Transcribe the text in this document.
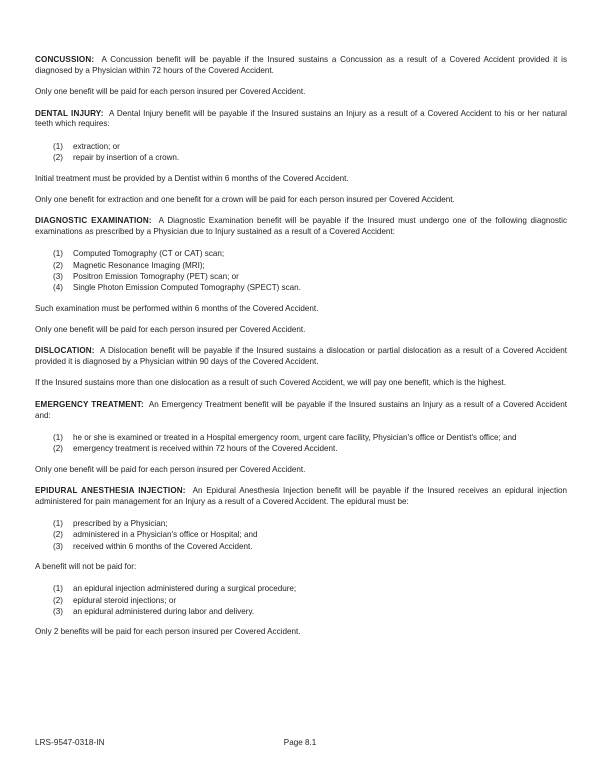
CONCUSSION: A Concussion benefit will be payable if the Insured sustains a Concussion as a result of a Covered Accident provided it is diagnosed by a Physician within 72 hours of the Covered Accident.

Only one benefit will be paid for each person insured per Covered Accident.

DENTAL INJURY: A Dental Injury benefit will be payable if the Insured sustains an Injury as a result of a Covered Accident to his or her natural teeth which requires:

(1)	extraction; or
(2)	repair by insertion of a crown.

Initial treatment must be provided by a Dentist within 6 months of the Covered Accident.

Only one benefit for extraction and one benefit for a crown will be paid for each person insured per Covered Accident.

DIAGNOSTIC EXAMINATION: A Diagnostic Examination benefit will be payable if the Insured must undergo one of the following diagnostic examinations as prescribed by a Physician due to Injury sustained as a result of a Covered Accident:

(1)	Computed Tomography (CT or CAT) scan;
(2)	Magnetic Resonance Imaging (MRI);
(3)	Positron Emission Tomography (PET) scan; or
(4)	Single Photon Emission Computed Tomography (SPECT) scan.

Such examination must be performed within 6 months of the Covered Accident.

Only one benefit will be paid for each person insured per Covered Accident.

DISLOCATION: A Dislocation benefit will be payable if the Insured sustains a dislocation or partial dislocation as a result of a Covered Accident provided it is diagnosed by a Physician within 90 days of the Covered Accident.

If the Insured sustains more than one dislocation as a result of such Covered Accident, we will pay one benefit, which is the highest.

EMERGENCY TREATMENT: An Emergency Treatment benefit will be payable if the Insured sustains an Injury as a result of a Covered Accident and:

(1)	he or she is examined or treated in a Hospital emergency room, urgent care facility, Physician's office or Dentist's office; and
(2)	emergency treatment is received within 72 hours of the Covered Accident.

Only one benefit will be paid for each person insured per Covered Accident.

EPIDURAL ANESTHESIA INJECTION: An Epidural Anesthesia Injection benefit will be payable if the Insured receives an epidural injection administered for pain management for an Injury as a result of a Covered Accident. The epidural must be:

(1)	prescribed by a Physician;
(2)	administered in a Physician's office or Hospital; and
(3)	received within 6 months of the Covered Accident.

A benefit will not be paid for:

(1)	an epidural injection administered during a surgical procedure;
(2)	epidural steroid injections; or
(3)	an epidural administered during labor and delivery.

Only 2 benefits will be paid for each person insured per Covered Accident.

LRS-9547-0318-IN	Page 8.1
